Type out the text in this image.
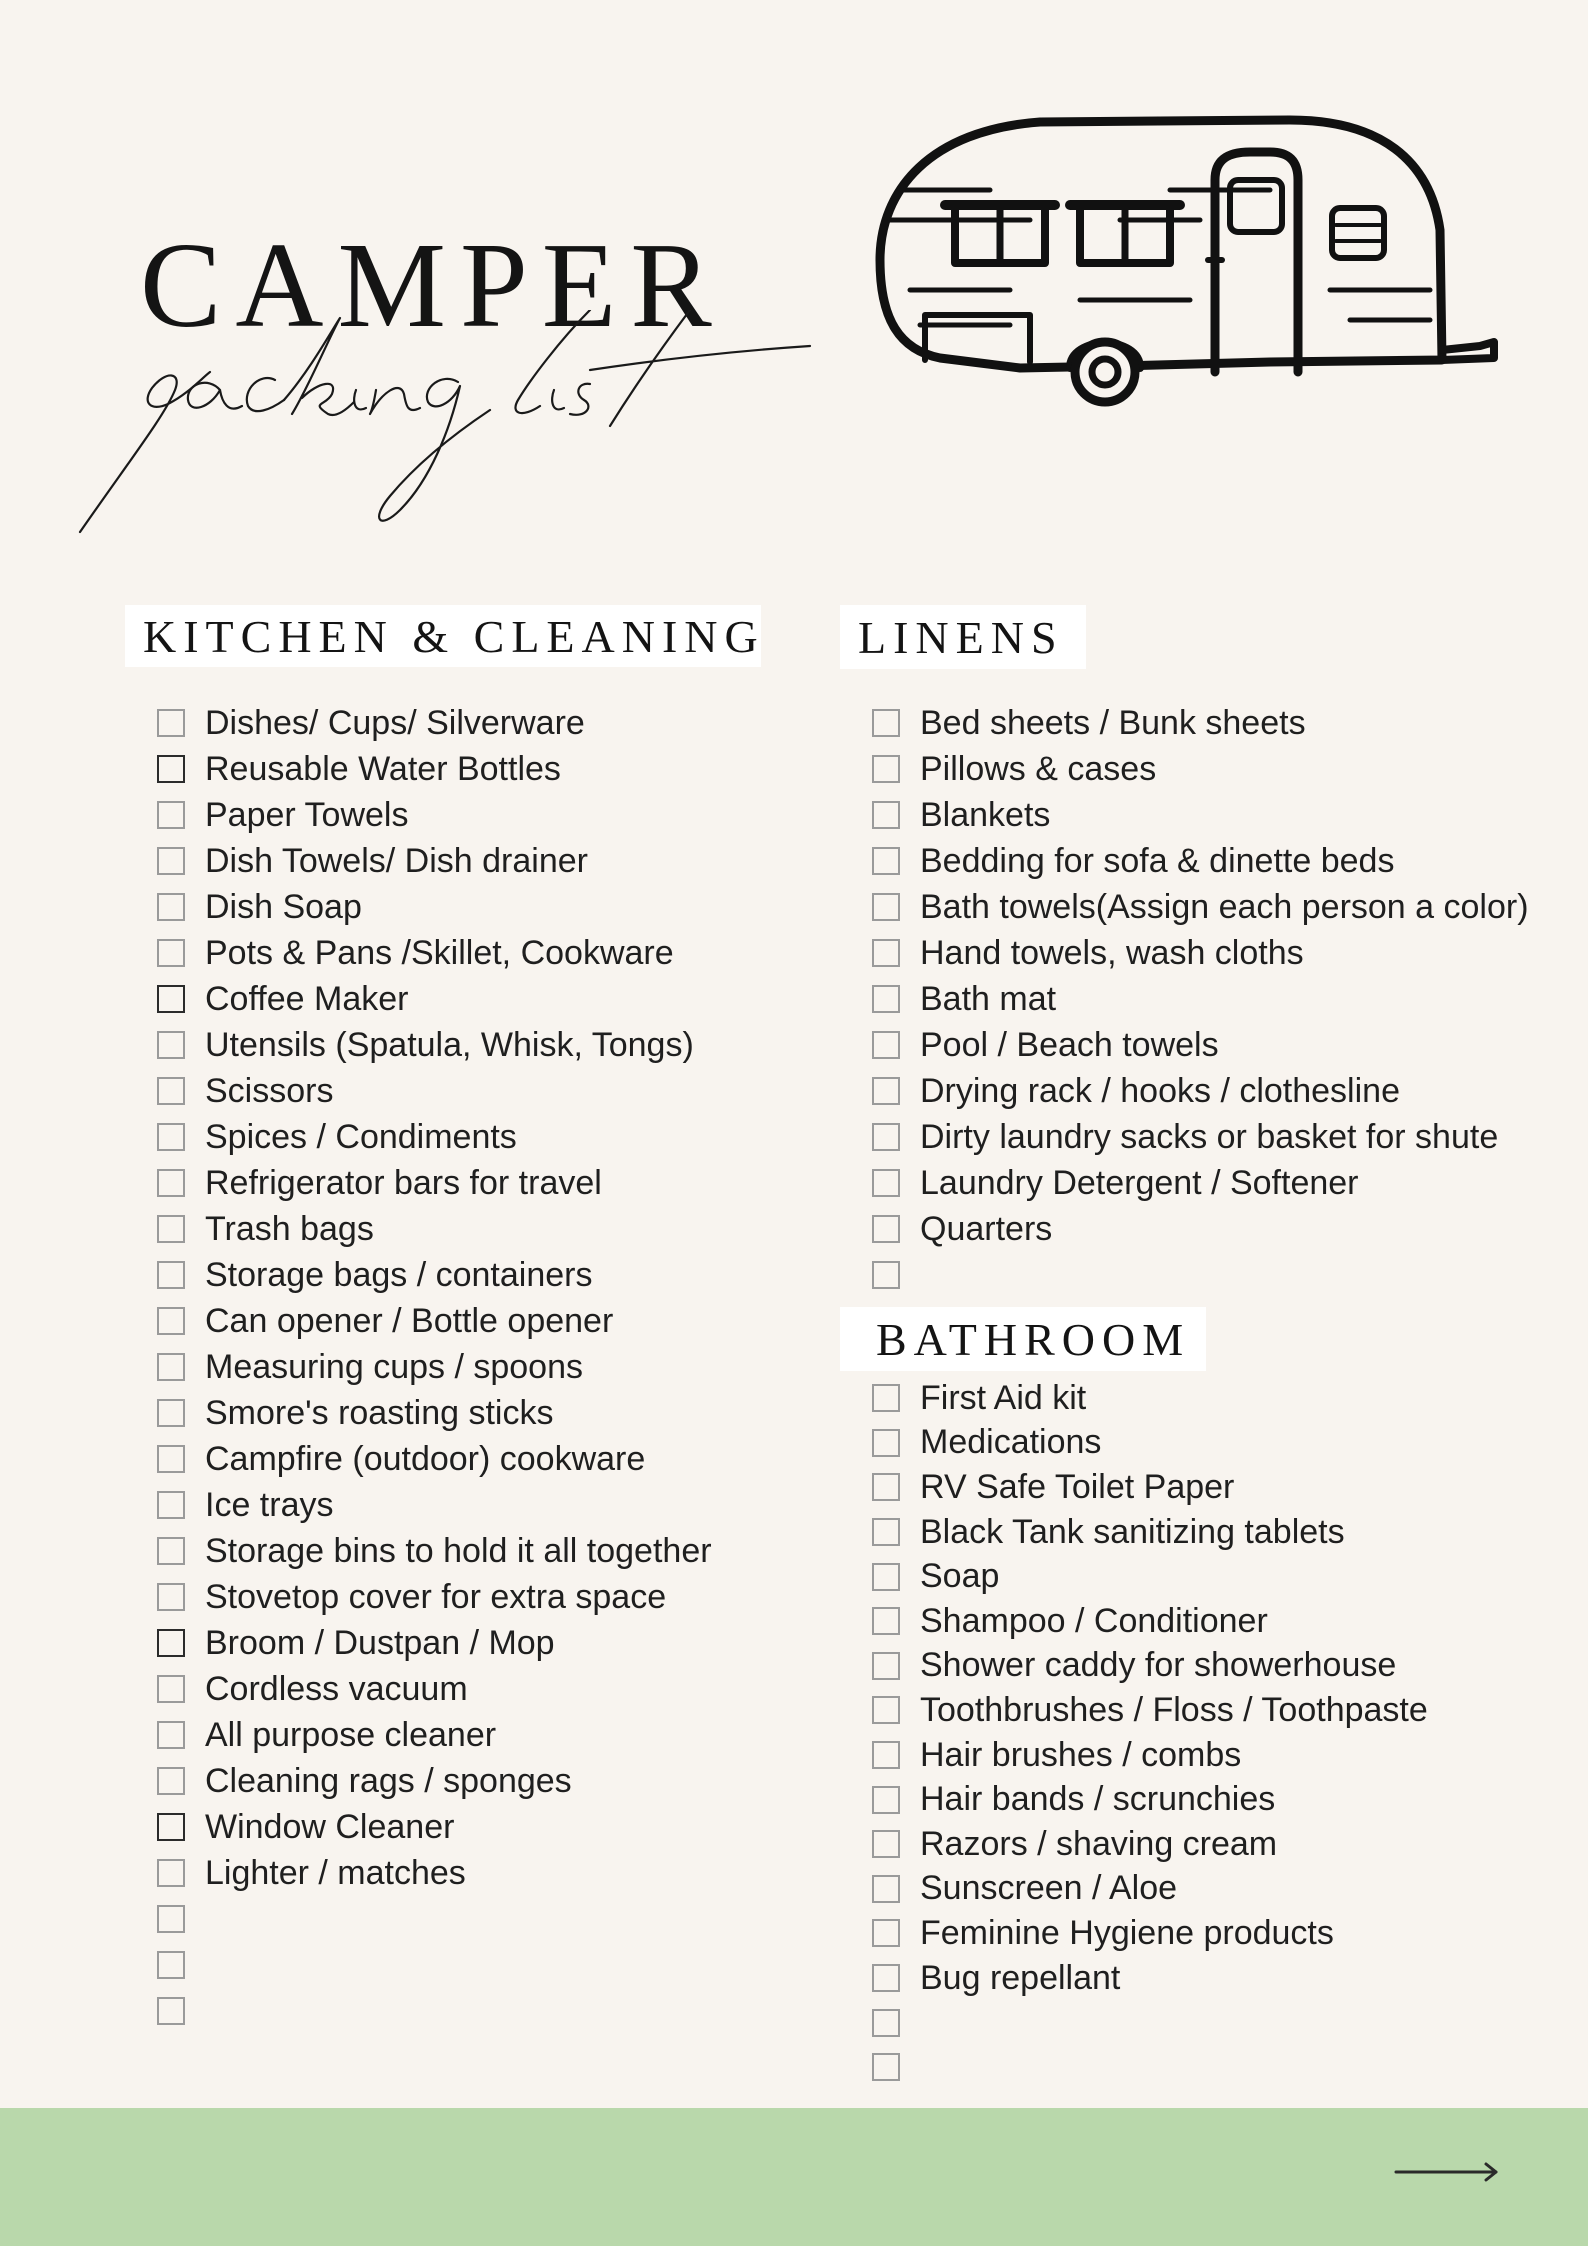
CAMPER
KITCHEN & CLEANING
Dishes/ Cups/ Silverware
Reusable Water Bottles
Paper Towels
Dish Towels/ Dish drainer
Dish Soap
Pots & Pans /Skillet, Cookware
Coffee Maker
Utensils (Spatula, Whisk, Tongs)
Scissors
Spices / Condiments
Refrigerator bars for travel
Trash bags
Storage bags / containers
Can opener / Bottle opener
Measuring cups / spoons
Smore's roasting sticks
Campfire (outdoor) cookware
Ice trays
Storage bins to hold it all together
Stovetop cover for extra space
Broom / Dustpan / Mop
Cordless vacuum
All purpose cleaner
Cleaning rags / sponges
Window Cleaner
Lighter / matches
LINENS
Bed sheets / Bunk sheets
Pillows & cases
Blankets
Bedding for sofa & dinette beds
Bath towels(Assign each person a color)
Hand towels, wash cloths
Bath mat
Pool / Beach towels
Drying rack / hooks / clothesline
Dirty laundry sacks or basket for shute
Laundry Detergent / Softener
Quarters
BATHROOM
First Aid kit
Medications
RV Safe Toilet Paper
Black Tank sanitizing tablets
Soap
Shampoo / Conditioner
Shower caddy for showerhouse
Toothbrushes / Floss / Toothpaste
Hair brushes / combs
Hair bands / scrunchies
Razors / shaving cream
Sunscreen / Aloe
Feminine Hygiene products
Bug repellant
